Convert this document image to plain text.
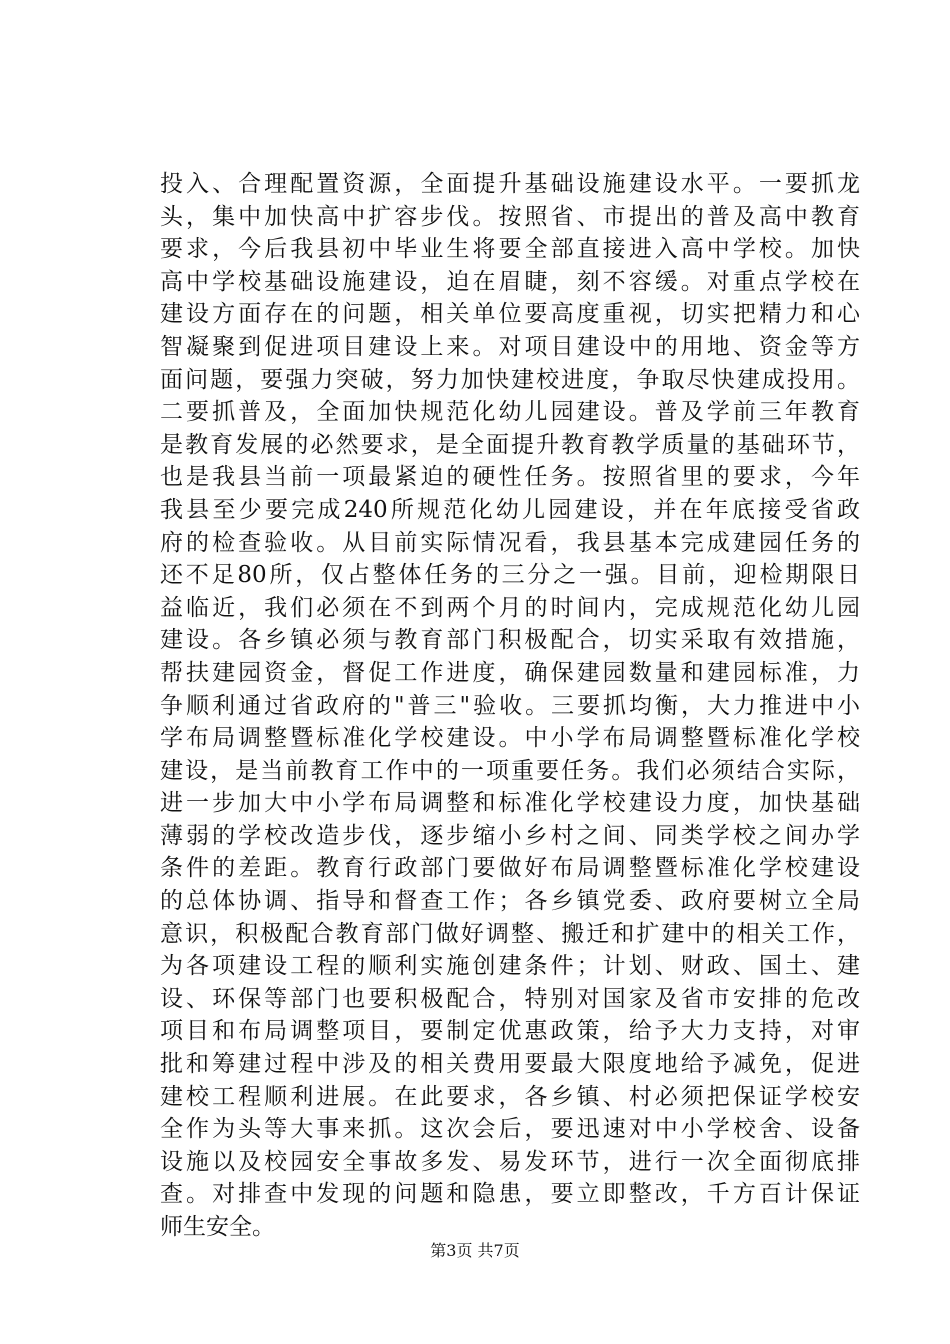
投入、合理配置资源，全面提升基础设施建设水平。一要抓龙
头，集中加快高中扩容步伐。按照省、市提出的普及高中教育
要求，今后我县初中毕业生将要全部直接进入高中学校。加快
高中学校基础设施建设，迫在眉睫，刻不容缓。对重点学校在
建设方面存在的问题，相关单位要高度重视，切实把精力和心
智凝聚到促进项目建设上来。对项目建设中的用地、资金等方
面问题，要强力突破，努力加快建校进度，争取尽快建成投用。
二要抓普及，全面加快规范化幼儿园建设。普及学前三年教育
是教育发展的必然要求，是全面提升教育教学质量的基础环节，
也是我县当前一项最紧迫的硬性任务。按照省里的要求，今年
我县至少要完成240所规范化幼儿园建设，并在年底接受省政
府的检查验收。从目前实际情况看，我县基本完成建园任务的
还不足80所，仅占整体任务的三分之一强。目前，迎检期限日
益临近，我们必须在不到两个月的时间内，完成规范化幼儿园
建设。各乡镇必须与教育部门积极配合，切实采取有效措施，
帮扶建园资金，督促工作进度，确保建园数量和建园标准，力
争顺利通过省政府的"普三"验收。三要抓均衡，大力推进中小
学布局调整暨标准化学校建设。中小学布局调整暨标准化学校
建设，是当前教育工作中的一项重要任务。我们必须结合实际，
进一步加大中小学布局调整和标准化学校建设力度，加快基础
薄弱的学校改造步伐，逐步缩小乡村之间、同类学校之间办学
条件的差距。教育行政部门要做好布局调整暨标准化学校建设
的总体协调、指导和督查工作；各乡镇党委、政府要树立全局
意识，积极配合教育部门做好调整、搬迁和扩建中的相关工作，
为各项建设工程的顺利实施创建条件；计划、财政、国土、建
设、环保等部门也要积极配合，特别对国家及省市安排的危改
项目和布局调整项目，要制定优惠政策，给予大力支持，对审
批和筹建过程中涉及的相关费用要最大限度地给予减免，促进
建校工程顺利进展。在此要求，各乡镇、村必须把保证学校安
全作为头等大事来抓。这次会后，要迅速对中小学校舍、设备
设施以及校园安全事故多发、易发环节，进行一次全面彻底排
查。对排查中发现的问题和隐患，要立即整改，千方百计保证
师生安全。
第3页 共7页
